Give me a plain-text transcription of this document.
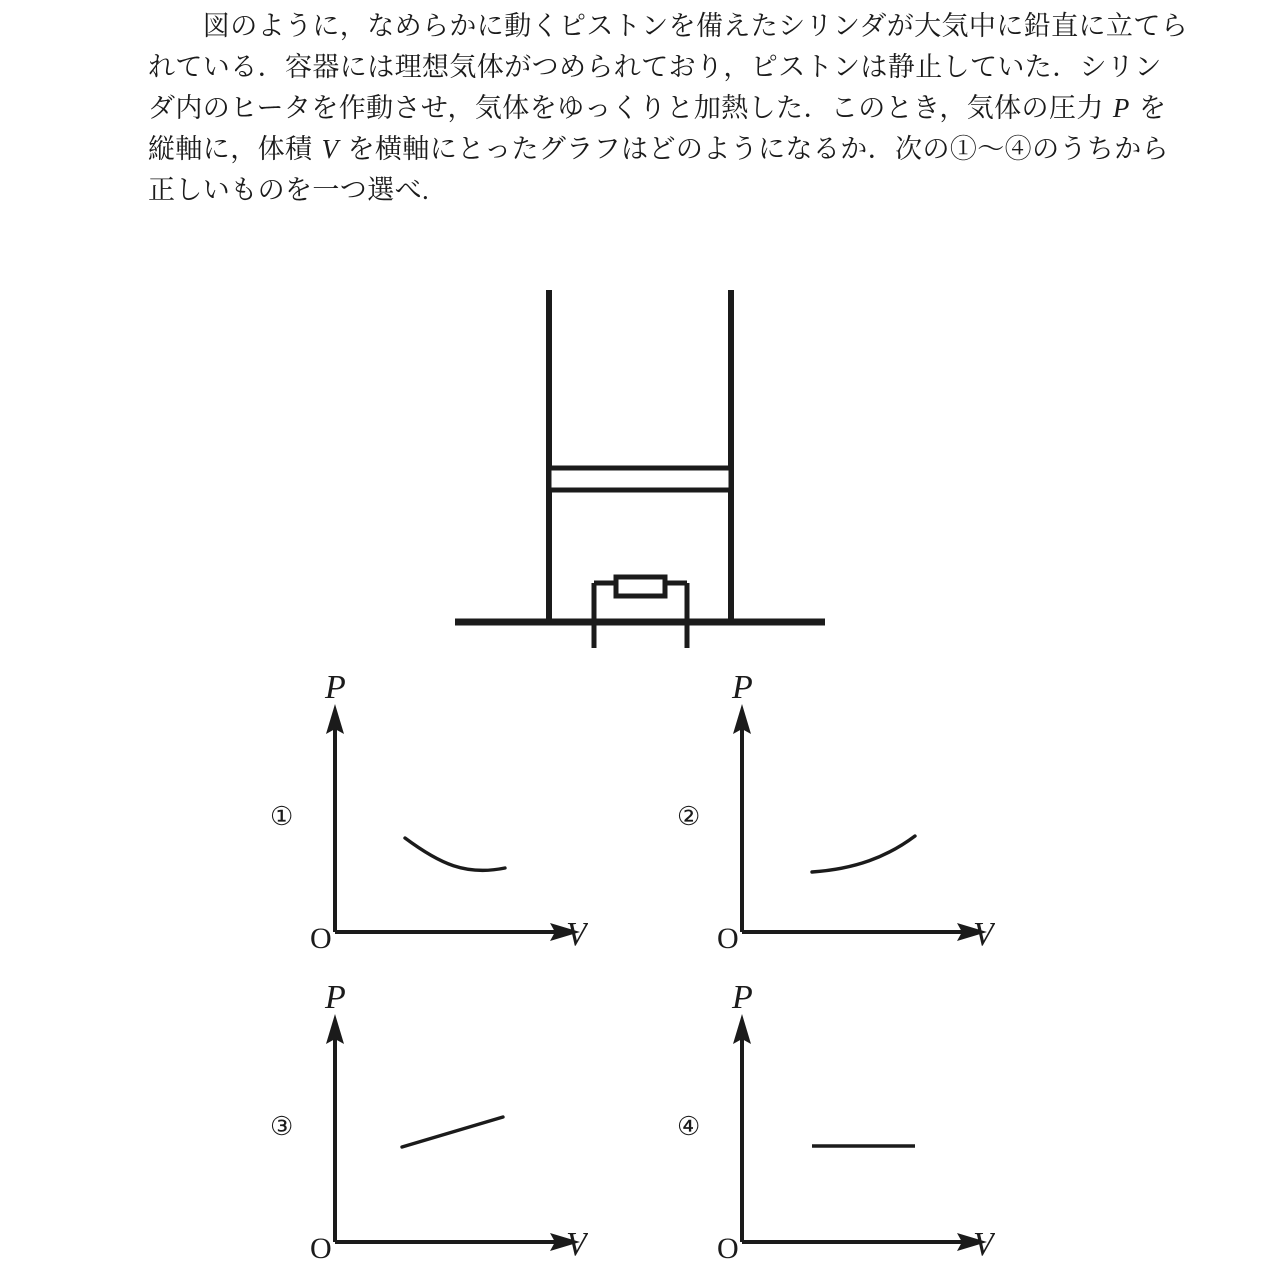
　　図のように，なめらかに動くピストンを備えたシリンダが大気中に鉛直に立てら
れている．容器には理想気体がつめられており，ピストンは静止していた．シリン
ダ内のヒータを作動させ，気体をゆっくりと加熱した．このとき，気体の圧力 P を
縦軸に，体積 V を横軸にとったグラフはどのようになるか．次の①～④のうちから
正しいものを一つ選べ.
P
V
O
①
P
V
O
②
P
V
O
③
P
V
O
④
